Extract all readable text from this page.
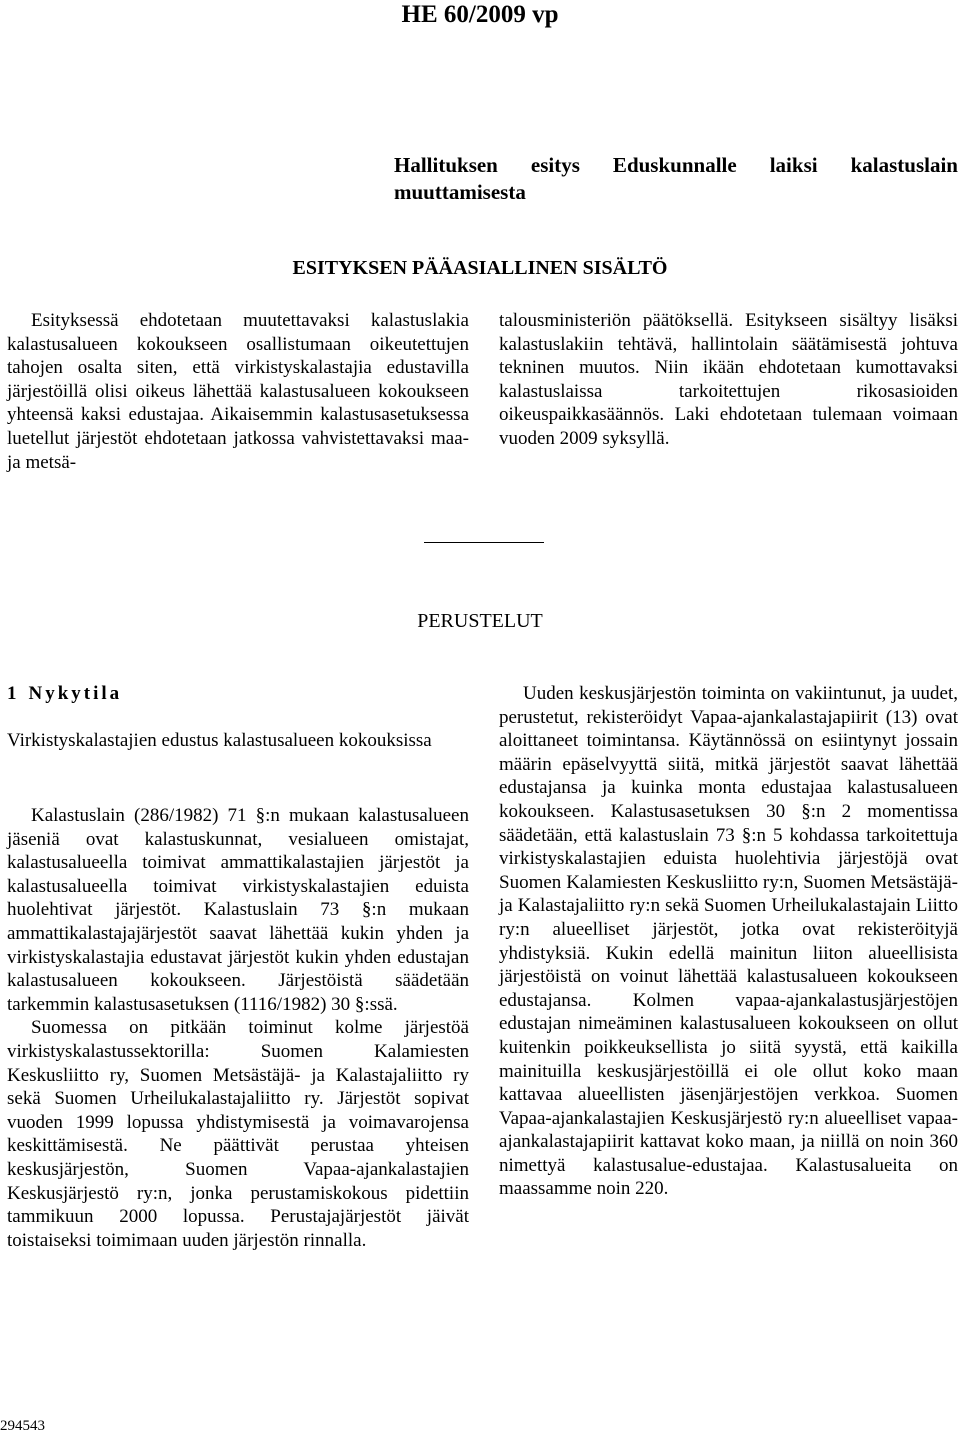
HE 60/2009 vp
Hallituksen esitys Eduskunnalle laiksi kalastuslain muuttamisesta
ESITYKSEN PÄÄASIALLINEN SISÄLTÖ

Esityksessä ehdotetaan muutettavaksi kalastuslakia kalastusalueen kokoukseen osallistumaan oikeutettujen tahojen osalta siten, että virkistyskalastajia edustavilla järjestöillä olisi oikeus lähettää kalastusalueen kokoukseen yhteensä kaksi edustajaa. Aikaisemmin kalastusasetuksessa luetellut järjestöt ehdotetaan jatkossa vahvistettavaksi maa- ja metsä-

talousministeriön päätöksellä. Esitykseen sisältyy lisäksi kalastuslakiin tehtävä, hallintolain säätämisestä johtuva tekninen muutos. Niin ikään ehdotetaan kumottavaksi kalastuslaissa tarkoitettujen rikosasioiden oikeuspaikkasäännös. Laki ehdotetaan tulemaan voimaan vuoden 2009 syksyllä.

PERUSTELUT
1 Nykytila
Virkistyskalastajien edustus kalastusalueen kokouksissa

Kalastuslain (286/1982) 71 §:n mukaan kalastusalueen jäseniä ovat kalastuskunnat, vesialueen omistajat, kalastusalueella toimivat ammattikalastajien järjestöt ja kalastusalueella toimivat virkistyskalastajien eduista huolehtivat järjestöt. Kalastuslain 73 §:n mukaan ammattikalastajajärjestöt saavat lähettää kukin yhden ja virkistyskalastajia edustavat järjestöt kukin yhden edustajan kalastusalueen kokoukseen. Järjestöistä säädetään tarkemmin kalastusasetuksen (1116/1982) 30 §:ssä.

Suomessa on pitkään toiminut kolme järjestöä virkistyskalastussektorilla: Suomen Kalamiesten Keskusliitto ry, Suomen Metsästäjä- ja Kalastajaliitto ry sekä Suomen Urheilukalastajaliitto ry. Järjestöt sopivat vuoden 1999 lopussa yhdistymisestä ja voimavarojensa keskittämisestä. Ne päättivät perustaa yhteisen keskusjärjestön, Suomen Vapaa-ajankalastajien Keskusjärjestö ry:n, jonka perustamiskokous pidettiin tammikuun 2000 lopussa. Perustajajärjestöt jäivät toistaiseksi toimimaan uuden järjestön rinnalla.

Uuden keskusjärjestön toiminta on vakiintunut, ja uudet, perustetut, rekisteröidyt Vapaa-ajankalastajapiirit (13) ovat aloittaneet toimintansa. Käytännössä on esiintynyt jossain määrin epäselvyyttä siitä, mitkä järjestöt saavat lähettää edustajansa ja kuinka monta edustajaa kalastusalueen kokoukseen. Kalastusasetuksen 30 §:n 2 momentissa säädetään, että kalastuslain 73 §:n 5 kohdassa tarkoitettuja virkistyskalastajien eduista huolehtivia järjestöjä ovat Suomen Kalamiesten Keskusliitto ry:n, Suomen Metsästäjä- ja Kalastajaliitto ry:n sekä Suomen Urheilukalastajain Liitto ry:n alueelliset järjestöt, jotka ovat rekisteröityjä yhdistyksiä. Kukin edellä mainitun liiton alueellisista järjestöistä on voinut lähettää kalastusalueen kokoukseen edustajansa. Kolmen vapaa-ajankalastusjärjestöjen edustajan nimeäminen kalastusalueen kokoukseen on ollut kuitenkin poikkeuksellista jo siitä syystä, että kaikilla mainituilla keskusjärjestöillä ei ole ollut koko maan kattavaa alueellisten jäsenjärjestöjen verkkoa. Suomen Vapaa-ajankalastajien Keskusjärjestö ry:n alueelliset vapaa-ajankalastajapiirit kattavat koko maan, ja niillä on noin 360 nimettyä kalastusalue-edustajaa. Kalastusalueita on maassamme noin 220.

294543
